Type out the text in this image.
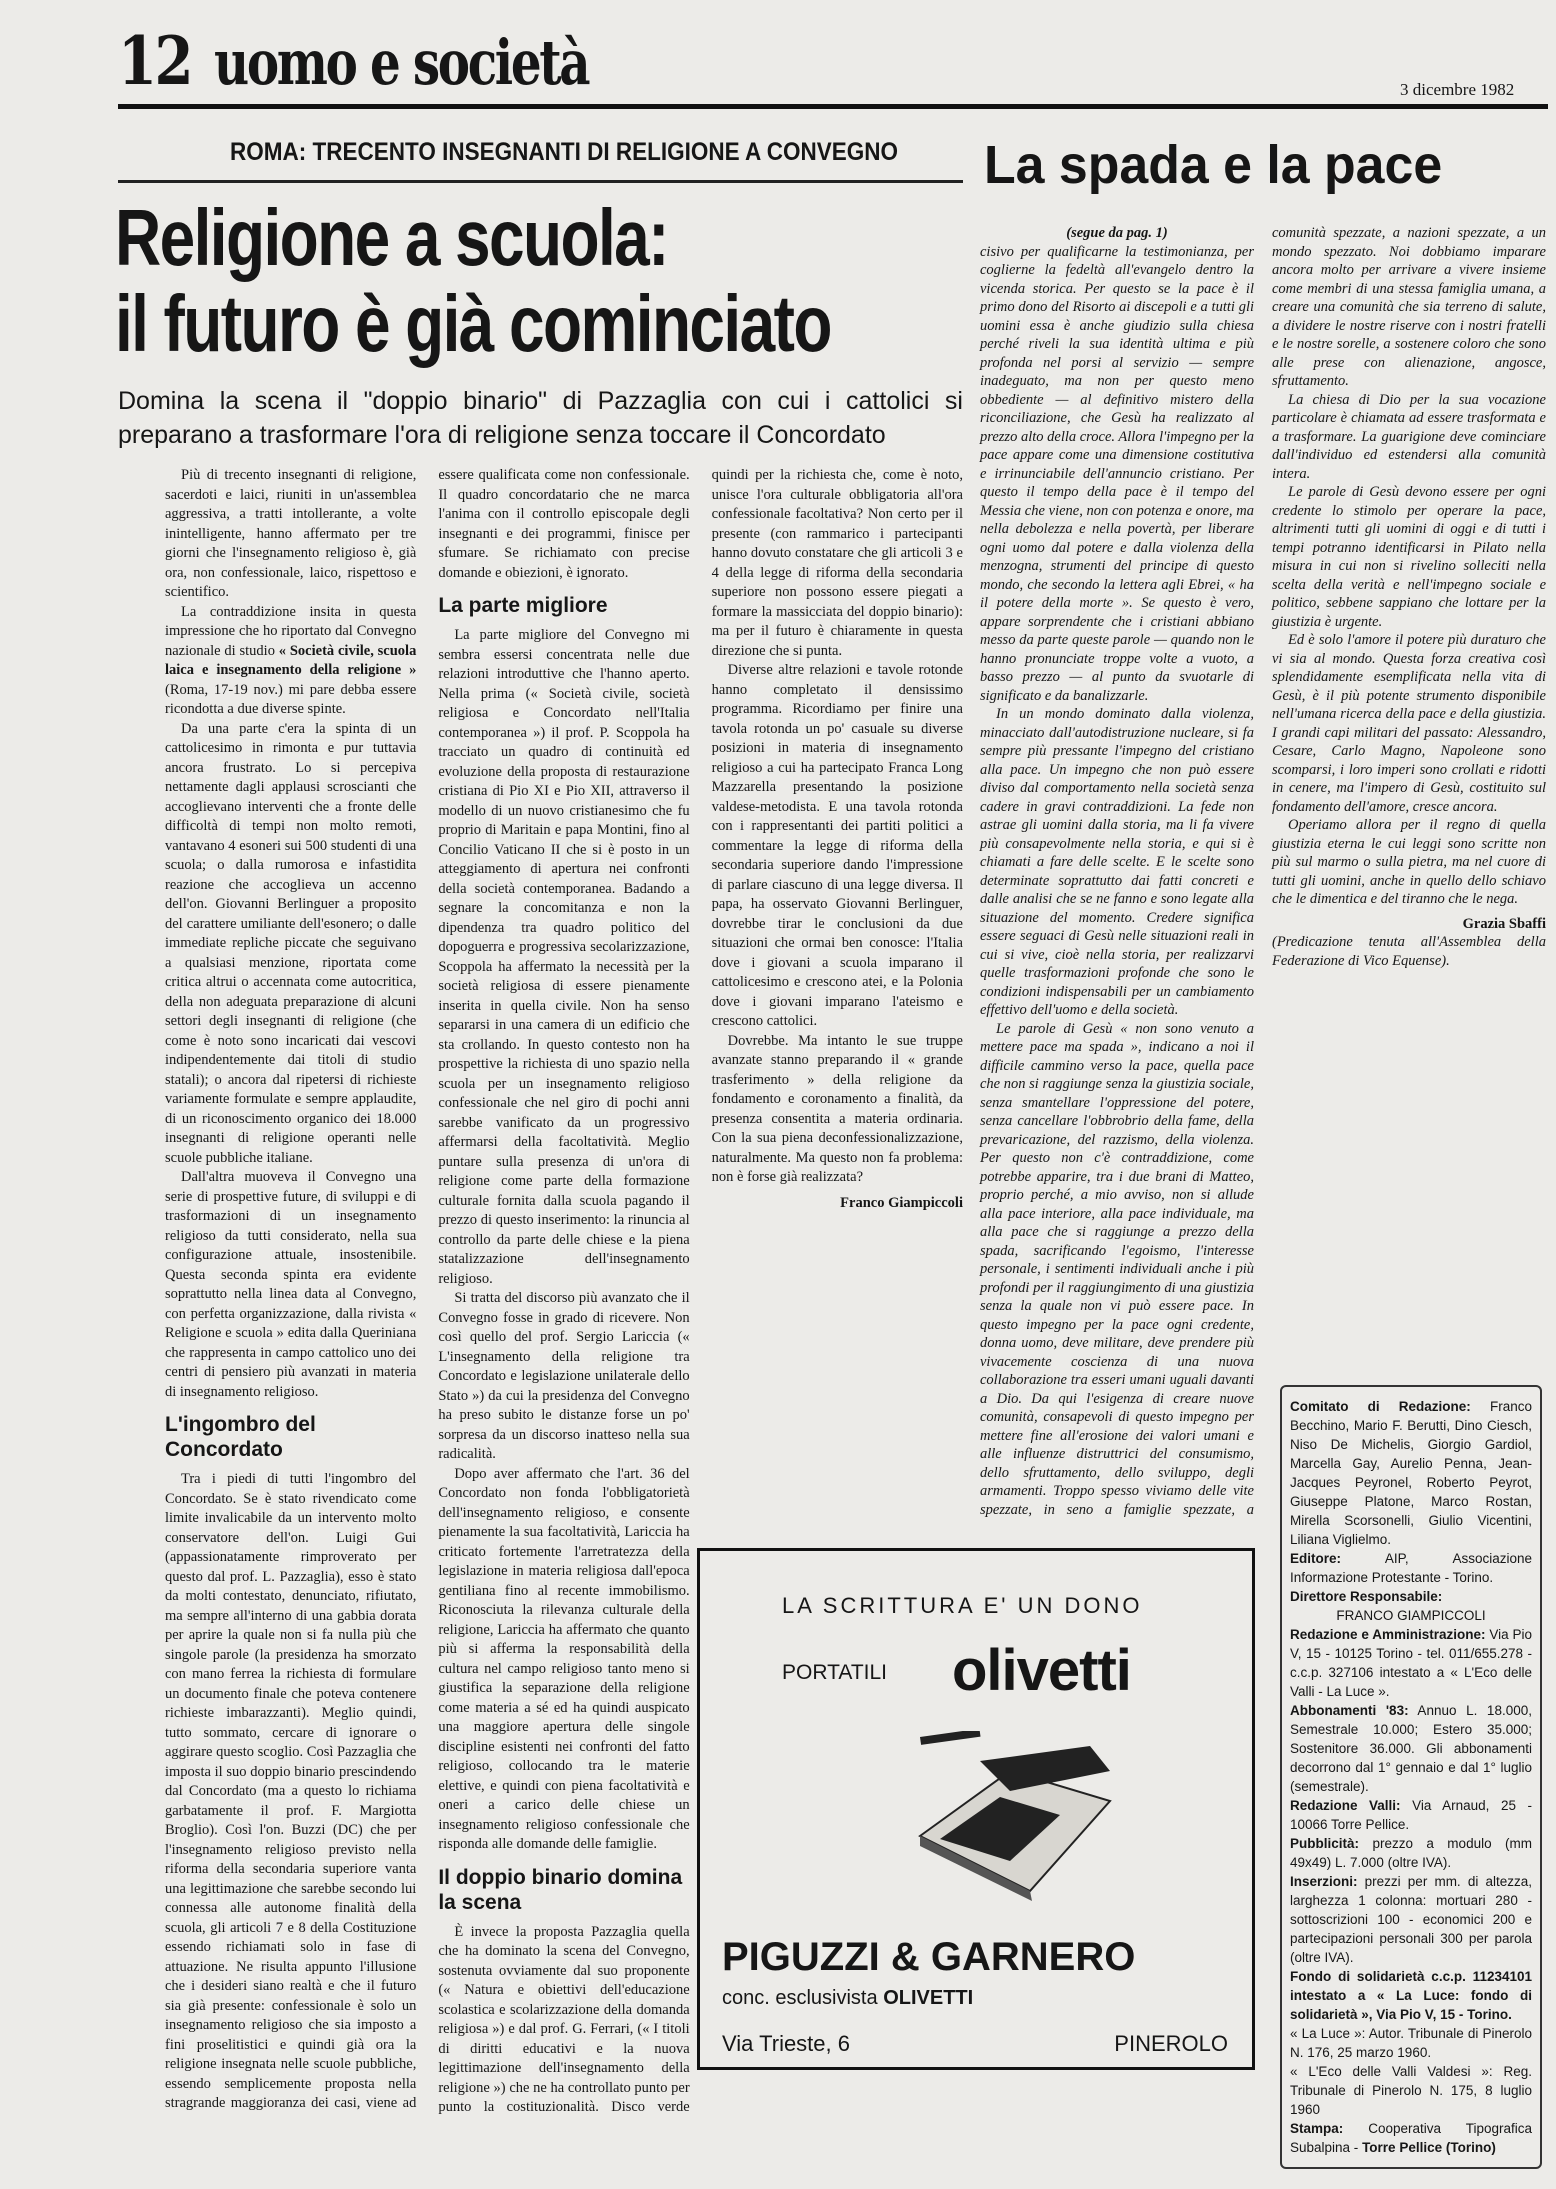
12 uomo e società	3 dicembre 1982
ROMA: TRECENTO INSEGNANTI DI RELIGIONE A CONVEGNO
Religione a scuola:
il futuro è già cominciato
Domina la scena il "doppio binario" di Pazzaglia con cui i cattolici si preparano a trasformare l'ora di religione senza toccare il Concordato

Più di trecento insegnanti di religione, sacerdoti e laici, riuniti in un'assemblea aggressiva, a tratti intollerante, a volte inintelligente, hanno affermato per tre giorni che l'insegnamento religioso è, già ora, non confessionale, laico, rispettoso e scientifico.

La contraddizione insita in questa impressione che ho riportato dal Convegno nazionale di studio « Società civile, scuola laica e insegnamento della religione » (Roma, 17-19 nov.) mi pare debba essere ricondotta a due diverse spinte.

Da una parte c'era la spinta di un cattolicesimo in rimonta e pur tuttavia ancora frustrato. Lo si percepiva nettamente dagli applausi scroscianti che accoglievano interventi che a fronte delle difficoltà di tempi non molto remoti, vantavano 4 esoneri sui 500 studenti di una scuola; o dalla rumorosa e infastidita reazione che accoglieva un accenno dell'on. Giovanni Berlinguer a proposito del carattere umiliante dell'esonero; o dalle immediate repliche piccate che seguivano a qualsiasi menzione, riportata come critica altrui o accennata come autocritica, della non adeguata preparazione di alcuni settori degli insegnanti di religione (che come è noto sono incaricati dai vescovi indipendentemente dai titoli di studio statali); o ancora dal ripetersi di richieste variamente formulate e sempre applaudite, di un riconoscimento organico dei 18.000 insegnanti di religione operanti nelle scuole pubbliche italiane.

Dall'altra muoveva il Convegno una serie di prospettive future, di sviluppi e di trasformazioni di un insegnamento religioso da tutti considerato, nella sua configurazione attuale, insostenibile. Questa seconda spinta era evidente soprattutto nella linea data al Convegno, con perfetta organizzazione, dalla rivista « Religione e scuola » edita dalla Queriniana che rappresenta in campo cattolico uno dei centri di pensiero più avanzati in materia di insegnamento religioso.

L'ingombro del Concordato

Tra i piedi di tutti l'ingombro del Concordato. Se è stato rivendicato come limite invalicabile da un intervento molto conservatore dell'on. Luigi Gui (appassionatamente rimproverato per questo dal prof. L. Pazzaglia), esso è stato da molti contestato, denunciato, rifiutato, ma sempre all'interno di una gabbia dorata per aprire la quale non si fa nulla più che singole parole (la presidenza ha smorzato con mano ferrea la richiesta di formulare un documento finale che poteva contenere richieste imbarazzanti). Meglio quindi, tutto sommato, cercare di ignorare o aggirare questo scoglio. Così Pazzaglia che imposta il suo doppio binario prescindendo dal Concordato (ma a questo lo richiama garbatamente il prof. F. Margiotta Broglio). Così l'on. Buzzi (DC) che per l'insegnamento religioso previsto nella riforma della secondaria superiore vanta una legittimazione che sarebbe secondo lui connessa alle autonome finalità della scuola, gli articoli 7 e 8 della Costituzione essendo richiamati solo in fase di attuazione. Ne risulta appunto l'illusione che i desideri siano realtà e che il futuro sia già presente: confessionale è solo un insegnamento religioso che sia imposto a fini proselitistici e quindi già ora la religione insegnata nelle scuole pubbliche, essendo semplicemente proposta nella stragrande maggioranza dei casi, viene ad essere qualificata come non confessionale. Il quadro concordatario che ne marca l'anima con il controllo episcopale degli insegnanti e dei programmi, finisce per sfumare. Se richiamato con precise domande e obiezioni, è ignorato.

La parte migliore

La parte migliore del Convegno mi sembra essersi concentrata nelle due relazioni introduttive che l'hanno aperto. Nella prima (« Società civile, società religiosa e Concordato nell'Italia contemporanea ») il prof. P. Scoppola ha tracciato un quadro di continuità ed evoluzione della proposta di restaurazione cristiana di Pio XI e Pio XII, attraverso il modello di un nuovo cristianesimo che fu proprio di Maritain e papa Montini, fino al Concilio Vaticano II che si è posto in un atteggiamento di apertura nei confronti della società contemporanea. Badando a segnare la concomitanza e non la dipendenza tra quadro politico del dopoguerra e progressiva secolarizzazione, Scoppola ha affermato la necessità per la società religiosa di essere pienamente inserita in quella civile. Non ha senso separarsi in una camera di un edificio che sta crollando. In questo contesto non ha prospettive la richiesta di uno spazio nella scuola per un insegnamento religioso confessionale che nel giro di pochi anni sarebbe vanificato da un progressivo affermarsi della facoltatività. Meglio puntare sulla presenza di un'ora di religione come parte della formazione culturale fornita dalla scuola pagando il prezzo di questo inserimento: la rinuncia al controllo da parte delle chiese e la piena statalizzazione dell'insegnamento religioso.

Si tratta del discorso più avanzato che il Convegno fosse in grado di ricevere. Non così quello del prof. Sergio Lariccia (« L'insegnamento della religione tra Concordato e legislazione unilaterale dello Stato ») da cui la presidenza del Convegno ha preso subito le distanze forse un po' sorpresa da un discorso inatteso nella sua radicalità.

Dopo aver affermato che l'art. 36 del Concordato non fonda l'obbligatorietà dell'insegnamento religioso, e consente pienamente la sua facoltatività, Lariccia ha criticato fortemente l'arretratezza della legislazione in materia religiosa dall'epoca gentiliana fino al recente immobilismo. Riconosciuta la rilevanza culturale della religione, Lariccia ha affermato che quanto più si afferma la responsabilità della cultura nel campo religioso tanto meno si giustifica la separazione della religione come materia a sé ed ha quindi auspicato una maggiore apertura delle singole discipline esistenti nei confronti del fatto religioso, collocando tra le materie elettive, e quindi con piena facoltatività e oneri a carico delle chiese un insegnamento religioso confessionale che risponda alle domande delle famiglie.

Il doppio binario domina la scena

È invece la proposta Pazzaglia quella che ha dominato la scena del Convegno, sostenuta ovviamente dal suo proponente (« Natura e obiettivi dell'educazione scolastica e scolarizzazione della domanda religiosa ») e dal prof. G. Ferrari, (« I titoli di diritti educativi e la nuova legittimazione dell'insegnamento della religione ») che ne ha controllato punto per punto la costituzionalità. Disco verde quindi per la richiesta che, come è noto, unisce l'ora culturale obbligatoria all'ora confessionale facoltativa? Non certo per il presente (con rammarico i partecipanti hanno dovuto constatare che gli articoli 3 e 4 della legge di riforma della secondaria superiore non possono essere piegati a formare la massicciata del doppio binario): ma per il futuro è chiaramente in questa direzione che si punta.

Diverse altre relazioni e tavole rotonde hanno completato il densissimo programma. Ricordiamo per finire una tavola rotonda un po' casuale su diverse posizioni in materia di insegnamento religioso a cui ha partecipato Franca Long Mazzarella presentando la posizione valdese-metodista. E una tavola rotonda con i rappresentanti dei partiti politici a commentare la legge di riforma della secondaria superiore dando l'impressione di parlare ciascuno di una legge diversa. Il papa, ha osservato Giovanni Berlinguer, dovrebbe tirar le conclusioni da due situazioni che ormai ben conosce: l'Italia dove i giovani a scuola imparano il cattolicesimo e crescono atei, e la Polonia dove i giovani imparano l'ateismo e crescono cattolici.

Dovrebbe. Ma intanto le sue truppe avanzate stanno preparando il « grande trasferimento » della religione da fondamento e coronamento a finalità, da presenza consentita a materia ordinaria. Con la sua piena deconfessionalizzazione, naturalmente. Ma questo non fa problema: non è forse già realizzata?

Franco Giampiccoli

La spada e la pace

(segue da pag. 1)

cisivo per qualificarne la testimonianza, per coglierne la fedeltà all'evangelo dentro la vicenda storica. Per questo se la pace è il primo dono del Risorto ai discepoli e a tutti gli uomini essa è anche giudizio sulla chiesa perché riveli la sua identità ultima e più profonda nel porsi al servizio — sempre inadeguato, ma non per questo meno obbediente — al definitivo mistero della riconciliazione, che Gesù ha realizzato al prezzo alto della croce. Allora l'impegno per la pace appare come una dimensione costitutiva e irrinunciabile dell'annuncio cristiano. Per questo il tempo della pace è il tempo del Messia che viene, non con potenza e onore, ma nella debolezza e nella povertà, per liberare ogni uomo dal potere e dalla violenza della menzogna, strumenti del principe di questo mondo, che secondo la lettera agli Ebrei, « ha il potere della morte ». Se questo è vero, appare sorprendente che i cristiani abbiano messo da parte queste parole — quando non le hanno pronunciate troppe volte a vuoto, a basso prezzo — al punto da svuotarle di significato e da banalizzarle.

In un mondo dominato dalla violenza, minacciato dall'autodistruzione nucleare, si fa sempre più pressante l'impegno del cristiano alla pace. Un impegno che non può essere diviso dal comportamento nella società senza cadere in gravi contraddizioni. La fede non astrae gli uomini dalla storia, ma li fa vivere più consapevolmente nella storia, e qui si è chiamati a fare delle scelte. E le scelte sono determinate soprattutto dai fatti concreti e dalle analisi che se ne fanno e sono legate alla situazione del momento. Credere significa essere seguaci di Gesù nelle situazioni reali in cui si vive, cioè nella storia, per realizzarvi quelle trasformazioni profonde che sono le condizioni indispensabili per un cambiamento effettivo dell'uomo e della società.

Le parole di Gesù « non sono venuto a mettere pace ma spada », indicano a noi il difficile cammino verso la pace, quella pace che non si raggiunge senza la giustizia sociale, senza smantellare l'oppressione del potere, senza cancellare l'obbrobrio della fame, della prevaricazione, del razzismo, della violenza. Per questo non c'è contraddizione, come potrebbe apparire, tra i due brani di Matteo, proprio perché, a mio avviso, non si allude alla pace interiore, alla pace individuale, ma alla pace che si raggiunge a prezzo della spada, sacrificando l'egoismo, l'interesse personale, i sentimenti individuali anche i più profondi per il raggiungimento di una giustizia senza la quale non vi può essere pace. In questo impegno per la pace ogni credente, donna uomo, deve militare, deve prendere più vivacemente coscienza di una nuova collaborazione tra esseri umani uguali davanti a Dio. Da qui l'esigenza di creare nuove comunità, consapevoli di questo impegno per mettere fine all'erosione dei valori umani e alle influenze distruttrici del consumismo, dello sfruttamento, dello sviluppo, degli armamenti. Troppo spesso viviamo delle vite spezzate, in seno a famiglie spezzate, a comunità spezzate, a nazioni spezzate, a un mondo spezzato. Noi dobbiamo imparare ancora molto per arrivare a vivere insieme come membri di una stessa famiglia umana, a creare una comunità che sia terreno di salute, a dividere le nostre riserve con i nostri fratelli e le nostre sorelle, a sostenere coloro che sono alle prese con alienazione, angosce, sfruttamento.

La chiesa di Dio per la sua vocazione particolare è chiamata ad essere trasformata e a trasformare. La guarigione deve cominciare dall'individuo ed estendersi alla comunità intera.

Le parole di Gesù devono essere per ogni credente lo stimolo per operare la pace, altrimenti tutti gli uomini di oggi e di tutti i tempi potranno identificarsi in Pilato nella misura in cui non si rivelino solleciti nella scelta della verità e nell'impegno sociale e politico, sebbene sappiano che lottare per la giustizia è urgente.

Ed è solo l'amore il potere più duraturo che vi sia al mondo. Questa forza creativa così splendidamente esemplificata nella vita di Gesù, è il più potente strumento disponibile nell'umana ricerca della pace e della giustizia. I grandi capi militari del passato: Alessandro, Cesare, Carlo Magno, Napoleone sono scomparsi, i loro imperi sono crollati e ridotti in cenere, ma l'impero di Gesù, costituito sul fondamento dell'amore, cresce ancora.

Operiamo allora per il regno di quella giustizia eterna le cui leggi sono scritte non più sul marmo o sulla pietra, ma nel cuore di tutti gli uomini, anche in quello dello schiavo che le dimentica e del tiranno che le nega.

Grazia Sbaffi

(Predicazione tenuta all'Assemblea della Federazione di Vico Equense).

LA SCRITTURA E' UN DONO
PORTATILI olivetti
PIGUZZI & GARNERO
conc. esclusivista OLIVETTI
Via Trieste, 6	PINEROLO

Comitato di Redazione: Franco Becchino, Mario F. Berutti, Dino Ciesch, Niso De Michelis, Giorgio Gardiol, Marcella Gay, Aurelio Penna, Jean-Jacques Peyronel, Roberto Peyrot, Giuseppe Platone, Marco Rostan, Mirella Scorsonelli, Giulio Vicentini, Liliana Viglielmo.

Editore: AIP, Associazione Informazione Protestante - Torino.

Direttore Responsabile:

FRANCO GIAMPICCOLI

Redazione e Amministrazione: Via Pio V, 15 - 10125 Torino - tel. 011/655.278 - c.c.p. 327106 intestato a « L'Eco delle Valli - La Luce ».

Abbonamenti '83: Annuo L. 18.000, Semestrale 10.000; Estero 35.000; Sostenitore 36.000. Gli abbonamenti decorrono dal 1° gennaio e dal 1° luglio (semestrale).

Redazione Valli: Via Arnaud, 25 - 10066 Torre Pellice.

Pubblicità: prezzo a modulo (mm 49x49) L. 7.000 (oltre IVA).

Inserzioni: prezzi per mm. di altezza, larghezza 1 colonna: mortuari 280 - sottoscrizioni 100 - economici 200 e partecipazioni personali 300 per parola (oltre IVA).

Fondo di solidarietà c.c.p. 11234101 intestato a « La Luce: fondo di solidarietà », Via Pio V, 15 - Torino.

« La Luce »: Autor. Tribunale di Pinerolo N. 176, 25 marzo 1960.

« L'Eco delle Valli Valdesi »: Reg. Tribunale di Pinerolo N. 175, 8 luglio 1960

Stampa: Cooperativa Tipografica Subalpina - Torre Pellice (Torino)
